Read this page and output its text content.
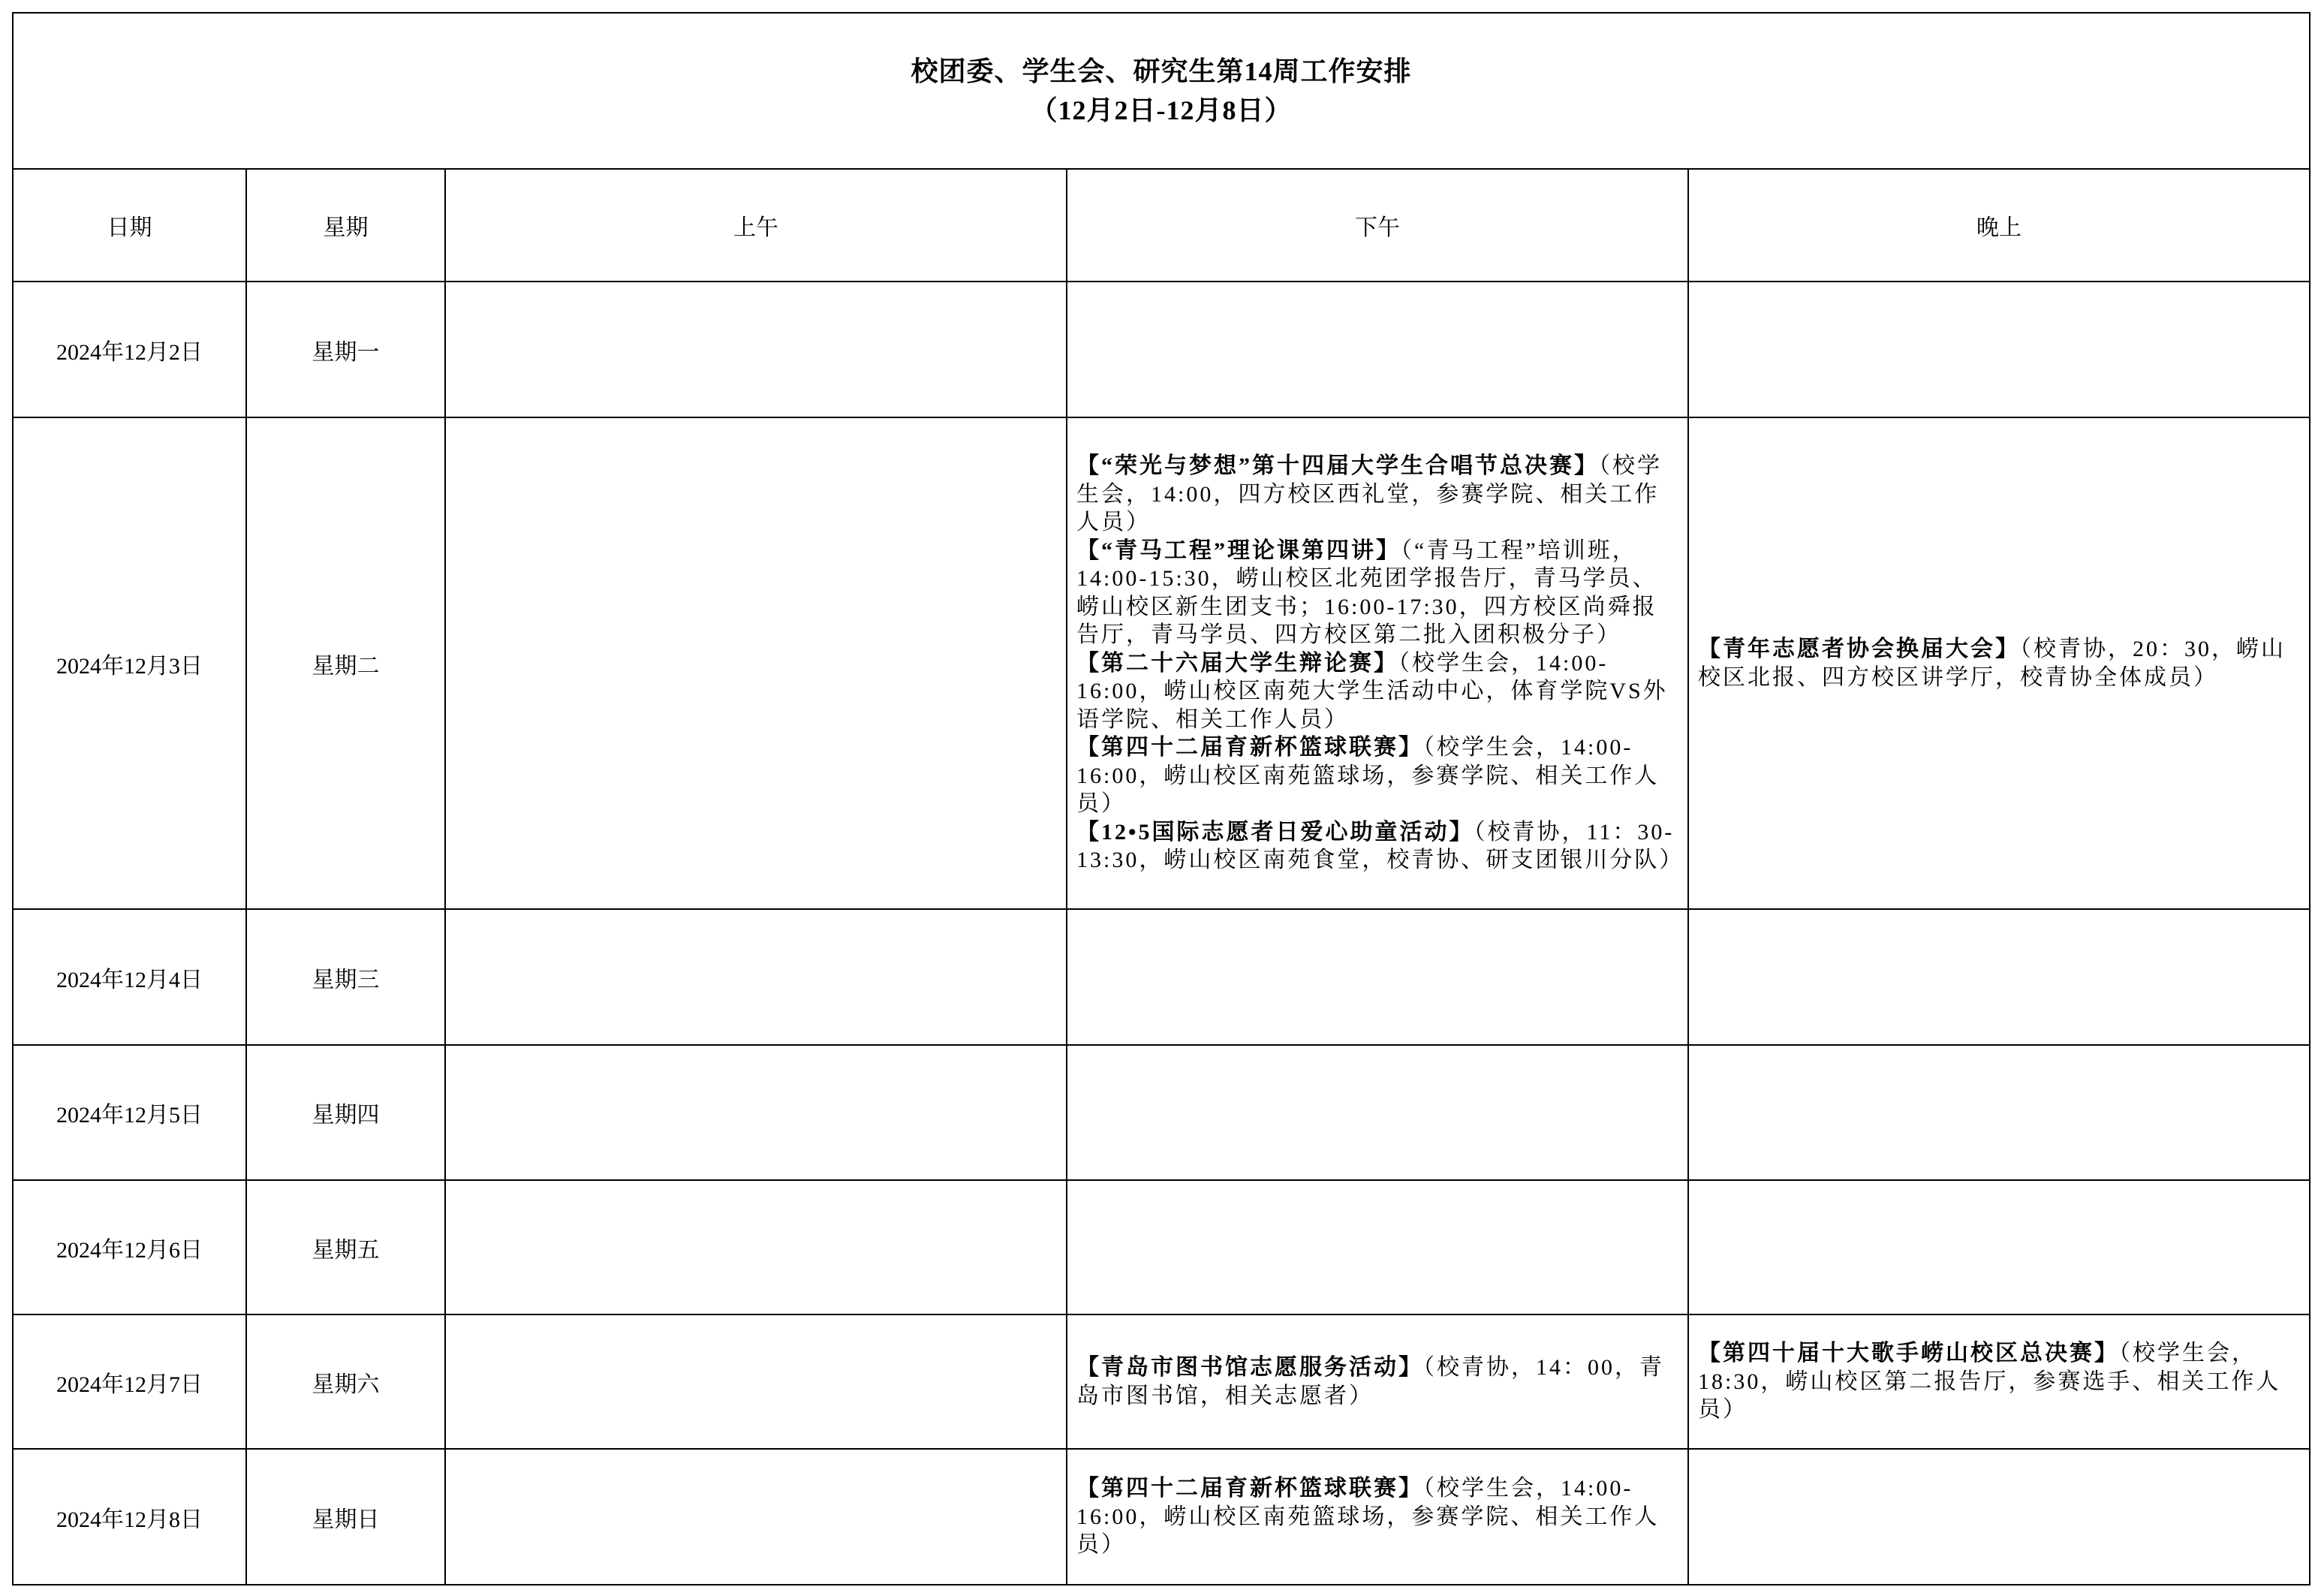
校团委、学生会、研究生第14周工作安排
（12月2日-12月8日）				

日期	星期	上午	下午	晚上
2024年12月2日	星期一			
2024年12月3日	星期二		【“荣光与梦想”第十四届大学生合唱节总决赛】（校学生会，14:00，四方校区西礼堂，参赛学院、相关工作人员）

【“青马工程”理论课第四讲】（“青马工程”培训班，14:00-15:30，崂山校区北苑团学报告厅，青马学员、崂山校区新生团支书；16:00-17:30，四方校区尚舜报告厅，青马学员、四方校区第二批入团积极分子）

【第二十六届大学生辩论赛】（校学生会，14:00-16:00，崂山校区南苑大学生活动中心，体育学院VS外语学院、相关工作人员）

【第四十二届育新杯篮球联赛】（校学生会，14:00-16:00，崂山校区南苑篮球场，参赛学院、相关工作人员）

【12•5国际志愿者日爱心助童活动】（校青协，11：30-13:30，崂山校区南苑食堂，校青协、研支团银川分队）	【青年志愿者协会换届大会】（校青协，20：30，崂山校区北报、四方校区讲学厅，校青协全体成员）

2024年12月4日	星期三			
2024年12月5日	星期四			
2024年12月6日	星期五			
2024年12月7日	星期六		【青岛市图书馆志愿服务活动】（校青协，14：00，青岛市图书馆，相关志愿者）	【第四十届十大歌手崂山校区总决赛】（校学生会，18:30，崂山校区第二报告厅，参赛选手、相关工作人员）

2024年12月8日	星期日		【第四十二届育新杯篮球联赛】（校学生会，14:00-16:00，崂山校区南苑篮球场，参赛学院、相关工作人员）	
